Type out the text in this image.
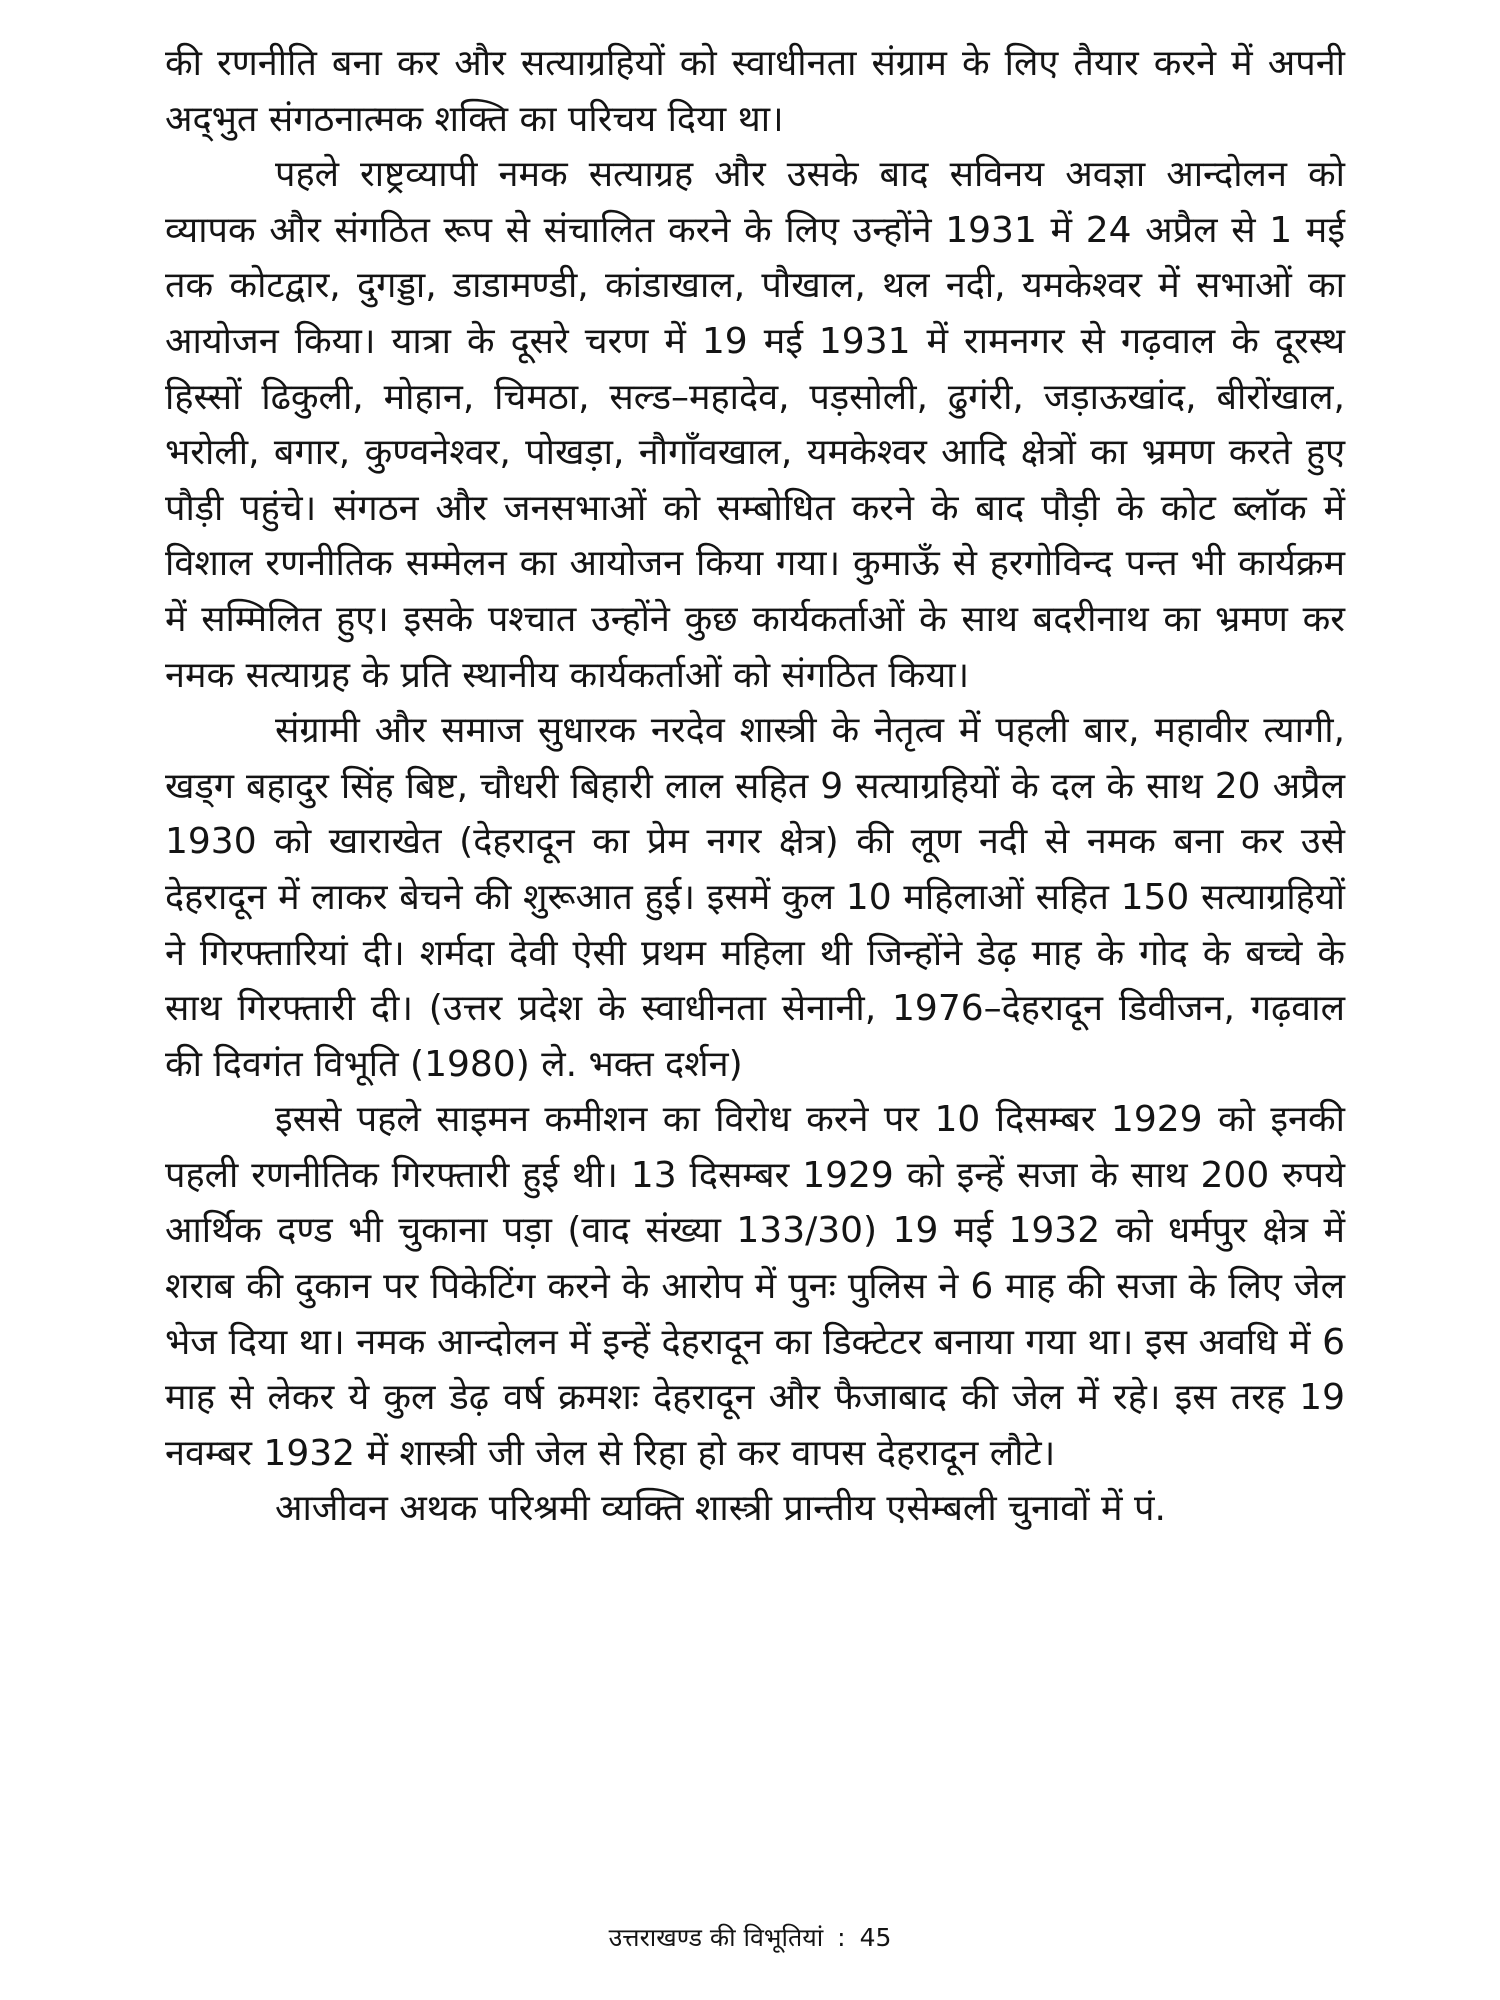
की रणनीति बना कर और सत्याग्रहियों को स्वाधीनता संग्राम के लिए तैयार करने में अपनी अद्‌भुत संगठनात्मक शक्ति का परिचय दिया था।

पहले राष्ट्रव्यापी नमक सत्याग्रह और उसके बाद सविनय अवज्ञा आन्दोलन को व्यापक और संगठित रूप से संचालित करने के लिए उन्होंने 1931 में 24 अप्रैल से 1 मई तक कोटद्वार, दुगड्डा, डाडामण्डी, कांडाखाल, पौखाल, थल नदी, यमकेश्वर में सभाओं का आयोजन किया। यात्रा के दूसरे चरण में 19 मई 1931 में रामनगर से गढ़वाल के दूरस्थ हिस्सों ढिकुली, मोहान, चिमठा, सल्ड–महादेव, पड़सोली, ढुगंरी, जड़ाऊखांद, बीरोंखाल, भरोली, बगार, कुण्वनेश्वर, पोखड़ा, नौगाँवखाल, यमकेश्वर आदि क्षेत्रों का भ्रमण करते हुए पौड़ी पहुंचे। संगठन और जनसभाओं को सम्बोधित करने के बाद पौड़ी के कोट ब्लॉक में विशाल रणनीतिक सम्मेलन का आयोजन किया गया। कुमाऊँ से हरगोविन्द पन्त भी कार्यक्रम में सम्मिलित हुए। इसके पश्चात उन्होंने कुछ कार्यकर्ताओं के साथ बदरीनाथ का भ्रमण कर नमक सत्याग्रह के प्रति स्थानीय कार्यकर्ताओं को संगठित किया।

संग्रामी और समाज सुधारक नरदेव शास्त्री के नेतृत्व में पहली बार, महावीर त्यागी, खड्ग बहादुर सिंह बिष्ट, चौधरी बिहारी लाल सहित 9 सत्याग्रहियों के दल के साथ 20 अप्रैल 1930 को खाराखेत (देहरादून का प्रेम नगर क्षेत्र) की लूण नदी से नमक बना कर उसे देहरादून में लाकर बेचने की शुरूआत हुई। इसमें कुल 10 महिलाओं सहित 150 सत्याग्रहियों ने गिरफ्तारियां दी। शर्मदा देवी ऐसी प्रथम महिला थी जिन्होंने डेढ़ माह के गोद के बच्चे के साथ गिरफ्तारी दी। (उत्तर प्रदेश के स्वाधीनता सेनानी, 1976–देहरादून डिवीजन, गढ़वाल की दिवगंत विभूति (1980) ले. भक्त दर्शन)

इससे पहले साइमन कमीशन का विरोध करने पर 10 दिसम्बर 1929 को इनकी पहली रणनीतिक गिरफ्तारी हुई थी। 13 दिसम्बर 1929 को इन्हें सजा के साथ 200 रुपये आर्थिक दण्ड भी चुकाना पड़ा (वाद संख्या 133/30) 19 मई 1932 को धर्मपुर क्षेत्र में शराब की दुकान पर पिकेटिंग करने के आरोप में पुनः पुलिस ने 6 माह की सजा के लिए जेल भेज दिया था। नमक आन्दोलन में इन्हें देहरादून का डिक्टेटर बनाया गया था। इस अवधि में 6 माह से लेकर ये कुल डेढ़ वर्ष क्रमशः देहरादून और फैजाबाद की जेल में रहे। इस तरह 19 नवम्बर 1932 में शास्त्री जी जेल से रिहा हो कर वापस देहरादून लौटे।

आजीवन अथक परिश्रमी व्यक्ति शास्त्री प्रान्तीय एसेम्बली चुनावों में पं.

उत्तराखण्ड की विभूतियां : 45
